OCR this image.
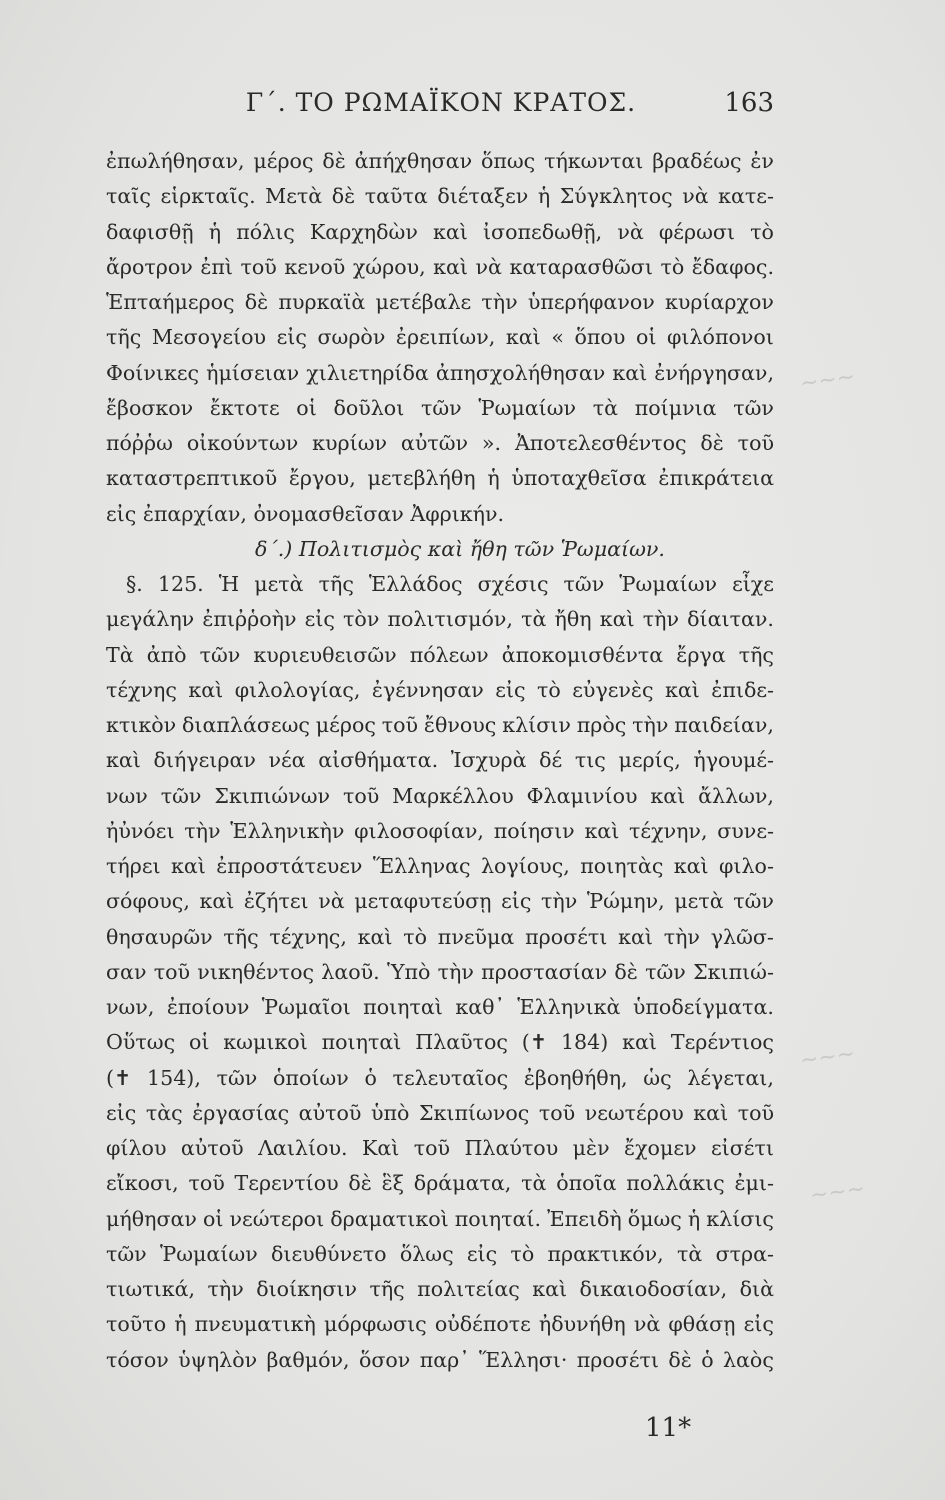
Γ΄. ΤΟ ΡΩΜΑΪΚΟΝ ΚΡΑΤΟΣ.	163
ἐπωλήθησαν, μέρος δὲ ἀπήχθησαν ὅπως τήκωνται βραδέως ἐν
ταῖς εἱρκταῖς. Μετὰ δὲ ταῦτα διέταξεν ἡ Σύγκλητος νὰ κατε-
δαφισθῇ ἡ πόλις Καρχηδὼν καὶ ἰσοπεδωθῇ, νὰ φέρωσι τὸ
ἄροτρον ἐπὶ τοῦ κενοῦ χώρου, καὶ νὰ καταρασθῶσι τὸ ἔδαφος.
Ἑπταήμερος δὲ πυρκαϊὰ μετέβαλε τὴν ὑπερήφανον κυρίαρχον
τῆς Μεσογείου εἰς σωρὸν ἐρειπίων, καὶ « ὅπου οἱ φιλόπονοι
Φοίνικες ἡμίσειαν χιλιετηρίδα ἀπησχολήθησαν καὶ ἐνήργησαν,
ἔβοσκον ἔκτοτε οἱ δοῦλοι τῶν Ῥωμαίων τὰ ποίμνια τῶν
πόῤῥω οἰκούντων κυρίων αὐτῶν ». Ἀποτελεσθέντος δὲ τοῦ
καταστρεπτικοῦ ἔργου, μετεβλήθη ἡ ὑποταχθεῖσα ἐπικράτεια
εἰς ἐπαρχίαν, ὀνομασθεῖσαν Ἀφρικήν.
δ΄.) Πολιτισμὸς καὶ ἤθη τῶν Ῥωμαίων.
§. 125. Ἡ μετὰ τῆς Ἑλλάδος σχέσις τῶν Ῥωμαίων εἶχε
μεγάλην ἐπιῤῥοὴν εἰς τὸν πολιτισμόν, τὰ ἤθη καὶ τὴν δίαιταν.
Τὰ ἀπὸ τῶν κυριευθεισῶν πόλεων ἀποκομισθέντα ἔργα τῆς
τέχνης καὶ φιλολογίας, ἐγέννησαν εἰς τὸ εὐγενὲς καὶ ἐπιδε-
κτικὸν διαπλάσεως μέρος τοῦ ἔθνους κλίσιν πρὸς τὴν παιδείαν,
καὶ διήγειραν νέα αἰσθήματα. Ἰσχυρὰ δέ τις μερίς, ἡγουμέ-
νων τῶν Σκιπιώνων τοῦ Μαρκέλλου Φλαμινίου καὶ ἄλλων,
ἠὐνόει τὴν Ἑλληνικὴν φιλοσοφίαν, ποίησιν καὶ τέχνην, συνε-
τήρει καὶ ἐπροστάτευεν Ἕλληνας λογίους, ποιητὰς καὶ φιλο-
σόφους, καὶ ἐζήτει νὰ μεταφυτεύσῃ εἰς τὴν Ῥώμην, μετὰ τῶν
θησαυρῶν τῆς τέχνης, καὶ τὸ πνεῦμα προσέτι καὶ τὴν γλῶσ-
σαν τοῦ νικηθέντος λαοῦ. Ὑπὸ τὴν προστασίαν δὲ τῶν Σκιπιώ-
νων, ἐποίουν Ῥωμαῖοι ποιηταὶ καθ᾽ Ἑλληνικὰ ὑποδείγματα.
Οὕτως οἱ κωμικοὶ ποιηταὶ Πλαῦτος (✝ 184) καὶ Τερέντιος
(✝ 154), τῶν ὁποίων ὁ τελευταῖος ἐβοηθήθη, ὡς λέγεται,
εἰς τὰς ἐργασίας αὐτοῦ ὑπὸ Σκιπίωνος τοῦ νεωτέρου καὶ τοῦ
φίλου αὐτοῦ Λαιλίου. Καὶ τοῦ Πλαύτου μὲν ἔχομεν εἰσέτι
εἴκοσι, τοῦ Τερεντίου δὲ ἓξ δράματα, τὰ ὁποῖα πολλάκις ἐμι-
μήθησαν οἱ νεώτεροι δραματικοὶ ποιηταί. Ἐπειδὴ ὅμως ἡ κλίσις
τῶν Ῥωμαίων διευθύνετο ὅλως εἰς τὸ πρακτικόν, τὰ στρα-
τιωτικά, τὴν διοίκησιν τῆς πολιτείας καὶ δικαιοδοσίαν, διὰ
τοῦτο ἡ πνευματικὴ μόρφωσις οὐδέποτε ἠδυνήθη νὰ φθάσῃ εἰς
τόσον ὑψηλὸν βαθμόν, ὅσον παρ᾽ Ἕλλησι· προσέτι δὲ ὁ λαὸς
11*
~~~
~~~
~~~
